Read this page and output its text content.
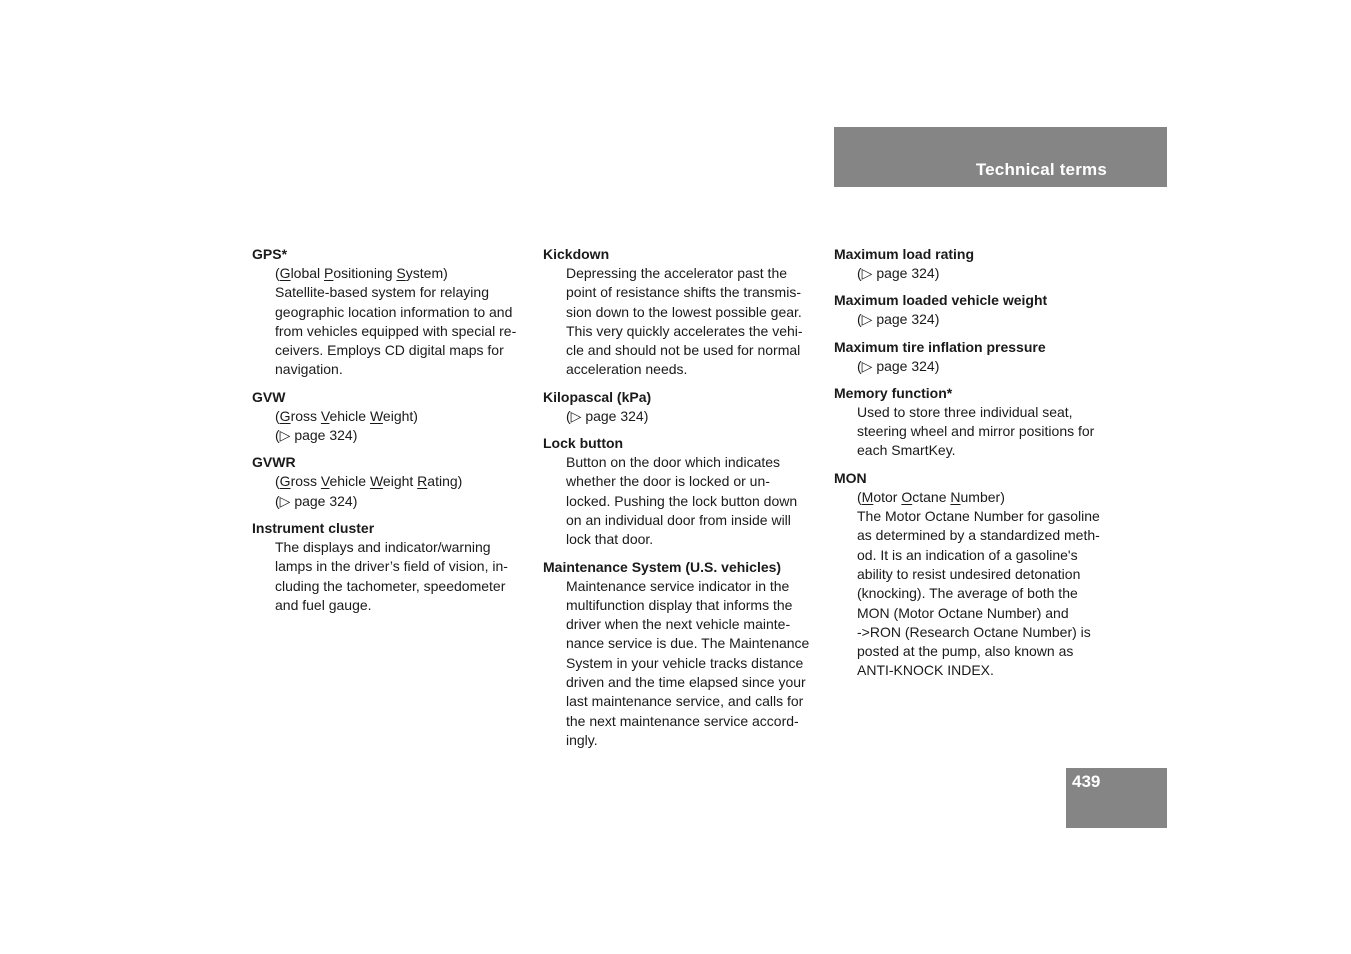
Technical terms
GPS*
(Global Positioning System)
Satellite-based system for relaying
geographic location information to and
from vehicles equipped with special re-
ceivers. Employs CD digital maps for
navigation.
GVW
(Gross Vehicle Weight)
(▷ page 324)
GVWR
(Gross Vehicle Weight Rating)
(▷ page 324)
Instrument cluster
The displays and indicator/warning
lamps in the driver’s field of vision, in-
cluding the tachometer, speedometer
and fuel gauge.
Kickdown
Depressing the accelerator past the
point of resistance shifts the transmis-
sion down to the lowest possible gear.
This very quickly accelerates the vehi-
cle and should not be used for normal
acceleration needs.
Kilopascal (kPa)
(▷ page 324)
Lock button
Button on the door which indicates
whether the door is locked or un-
locked. Pushing the lock button down
on an individual door from inside will
lock that door.
Maintenance System (U.S. vehicles)
Maintenance service indicator in the
multifunction display that informs the
driver when the next vehicle mainte-
nance service is due. The Maintenance
System in your vehicle tracks distance
driven and the time elapsed since your
last maintenance service, and calls for
the next maintenance service accord-
ingly.
Maximum load rating
(▷ page 324)
Maximum loaded vehicle weight
(▷ page 324)
Maximum tire inflation pressure
(▷ page 324)
Memory function*
Used to store three individual seat,
steering wheel and mirror positions for
each SmartKey.
MON
(Motor Octane Number)
The Motor Octane Number for gasoline
as determined by a standardized meth-
od. It is an indication of a gasoline's
ability to resist undesired detonation
(knocking). The average of both the
MON (Motor Octane Number) and
->RON (Research Octane Number) is
posted at the pump, also known as
ANTI-KNOCK INDEX.
439
